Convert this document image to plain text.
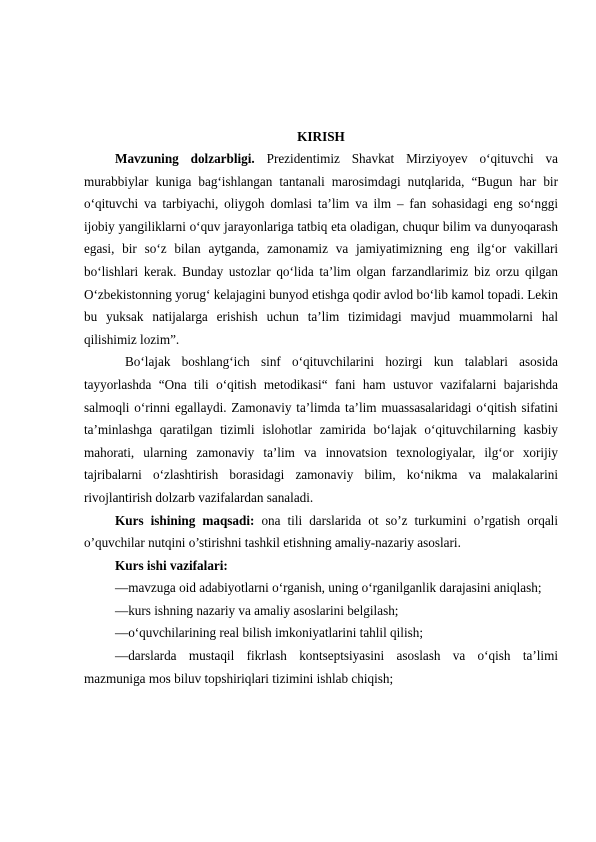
KIRISH

Mavzuning dolzarbligi. Prezidentimiz Shavkat Mirziyoyev o‘qituvchi va murabbiylar kuniga bag‘ishlangan tantanali marosimdagi nutqlarida, “Bugun har bir o‘qituvchi va tarbiyachi, oliygoh domlasi ta’lim va ilm – fan sohasidagi eng so‘nggi ijobiy yangiliklarni o‘quv jarayonlariga tatbiq eta oladigan, chuqur bilim va dunyoqarash egasi, bir so‘z bilan aytganda, zamonamiz va jamiyatimizning eng ilg‘or vakillari bo‘lishlari kerak. Bunday ustozlar qo‘lida ta’lim olgan farzandlarimiz biz orzu qilgan O‘zbekistonning yorug‘ kelajagini bunyod etishga qodir avlod bo‘lib kamol topadi. Lekin bu yuksak natijalarga erishish uchun ta’lim tizimidagi mavjud muammolarni hal qilishimiz lozim”.

Bo‘lajak boshlang‘ich sinf o‘qituvchilarini hozirgi kun talablari asosida tayyorlashda “Ona tili o‘qitish metodikasi“ fani ham ustuvor vazifalarni bajarishda salmoqli o‘rinni egallaydi. Zamonaviy ta’limda ta’lim muassasalaridagi o‘qitish sifatini ta’minlashga qaratilgan tizimli islohotlar zamirida bo‘lajak o‘qituvchilarning kasbiy mahorati, ularning zamonaviy ta’lim va innovatsion texnologiyalar, ilg‘or xorijiy tajribalarni o‘zlashtirish borasidagi zamonaviy bilim, ko‘nikma va malakalarini rivojlantirish dolzarb vazifalardan sanaladi.

Kurs ishining maqsadi: ona tili darslarida ot so’z turkumini o’rgatish orqali o’quvchilar nutqini o’stirishni tashkil etishning amaliy-nazariy asoslari.

Kurs ishi vazifalari:

—mavzuga oid adabiyotlarni o‘rganish, uning o‘rganilganlik darajasini aniqlash;

—kurs ishning nazariy va amaliy asoslarini belgilash;

—o‘quvchilarining real bilish imkoniyatlarini tahlil qilish;

—darslarda mustaqil fikrlash kontseptsiyasini asoslash va o‘qish ta’limi mazmuniga mos biluv topshiriqlari tizimini ishlab chiqish;
